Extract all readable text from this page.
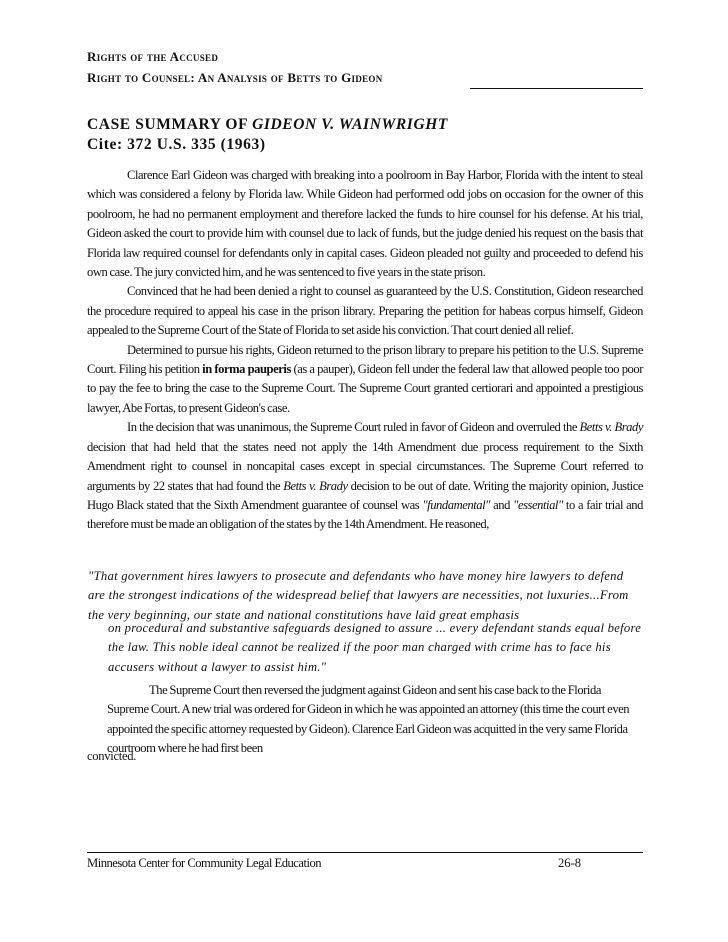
Rights of the Accused
Right to Counsel: An Analysis of Betts to Gideon
CASE SUMMARY OF GIDEON V. WAINWRIGHT
Cite: 372 U.S. 335 (1963)

Clarence Earl Gideon was charged with breaking into a poolroom in Bay Harbor, Florida with the intent to steal which was considered a felony by Florida law. While Gideon had performed odd jobs on occasion for the owner of this poolroom, he had no permanent employment and therefore lacked the funds to hire counsel for his defense. At his trial, Gideon asked the court to provide him with counsel due to lack of funds, but the judge denied his request on the basis that Florida law required counsel for defendants only in capital cases. Gideon pleaded not guilty and proceeded to defend his own case. The jury convicted him, and he was sentenced to five years in the state prison.

Convinced that he had been denied a right to counsel as guaranteed by the U.S. Constitution, Gideon researched the procedure required to appeal his case in the prison library. Preparing the petition for habeas corpus himself, Gideon appealed to the Supreme Court of the State of Florida to set aside his conviction. That court denied all relief.

Determined to pursue his rights, Gideon returned to the prison library to prepare his petition to the U.S. Supreme Court. Filing his petition in forma pauperis (as a pauper), Gideon fell under the federal law that allowed people too poor to pay the fee to bring the case to the Supreme Court. The Supreme Court granted certiorari and appointed a prestigious lawyer, Abe Fortas, to present Gideon's case.

In the decision that was unanimous, the Supreme Court ruled in favor of Gideon and overruled the Betts v. Brady decision that had held that the states need not apply the 14th Amendment due process requirement to the Sixth Amendment right to counsel in noncapital cases except in special circumstances. The Supreme Court referred to arguments by 22 states that had found the Betts v. Brady decision to be out of date. Writing the majority opinion, Justice Hugo Black stated that the Sixth Amendment guarantee of counsel was "fundamental" and "essential" to a fair trial and therefore must be made an obligation of the states by the 14th Amendment. He reasoned,

"That government hires lawyers to prosecute and defendants who have money hire lawyers to defend are the strongest indications of the widespread belief that lawyers are necessities, not luxuries...From the very beginning, our state and national constitutions have laid great emphasis
on procedural and substantive safeguards designed to assure ... every defendant stands equal before the law. This noble ideal cannot be realized if the poor man charged with crime has to face his accusers without a lawyer to assist him."
The Supreme Court then reversed the judgment against Gideon and sent his case back to the Florida Supreme Court. A new trial was ordered for Gideon in which he was appointed an attorney (this time the court even appointed the specific attorney requested by Gideon). Clarence Earl Gideon was acquitted in the very same Florida courtroom where he had first been
convicted.
Minnesota Center for Community Legal Education	26-8
